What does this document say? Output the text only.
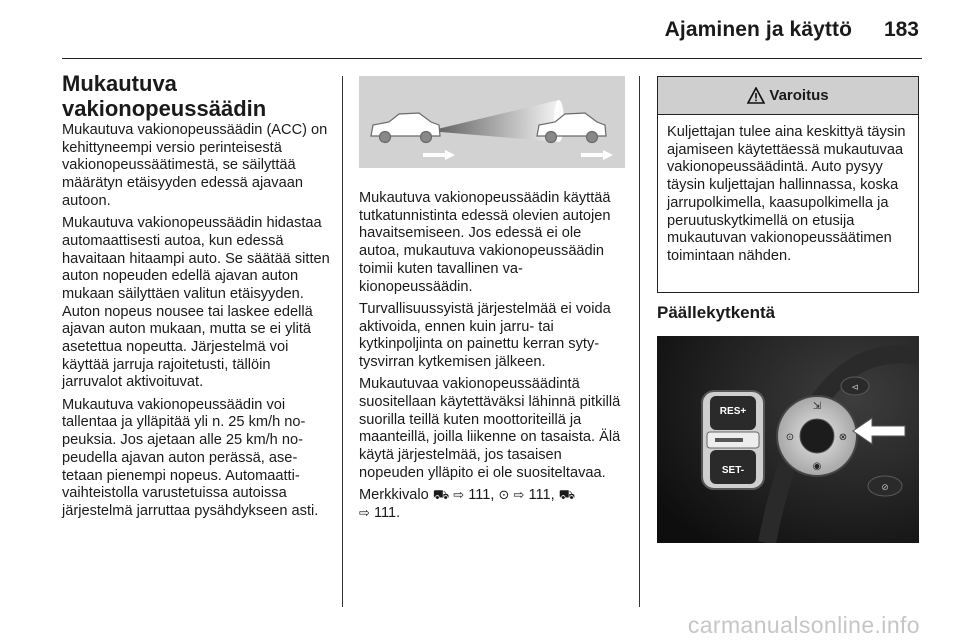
Ajaminen ja käyttö 183
Mukautuva
vakionopeussäädin

Mukautuva vakionopeussäädin (ACC) on kehittyneempi versio perinteisestä vakionopeussäätimestä, se säilyttää määrätyn etäisyyden edessä ajavaan autoon.

Mukautuva vakionopeussäädin hidastaa automaattisesti autoa, kun edessä havaitaan hitaampi auto. Se säätää sitten auton nopeuden edellä ajavan auton mukaan säilyttäen valitun etäisyyden. Auton nopeus nousee tai laskee edellä ajavan auton mukaan, mutta se ei ylitä asetettua nopeutta. Järjestelmä voi käyttää jarruja rajoitetusti, tällöin jarruvalot aktivoituvat.

Mukautuva vakionopeussäädin voi tallentaa ja ylläpitää yli n. 25 km/h nopeuksia. Jos ajetaan alle 25 km/h nopeudella ajavan auton perässä, asetetaan pienempi nopeus. Automaattivaihteistolla varustetuissa autoissa järjestelmä jarruttaa pysähdykseen asti.

Mukautuva vakionopeussäädin käyttää tutkatunnistinta edessä olevien autojen havaitsemiseen. Jos edessä ei ole autoa, mukautuva vakionopeussäädin toimii kuten tavallinen vakionopeussäädin.

Turvallisuussyistä järjestelmää ei voida aktivoida, ennen kuin jarru- tai kytkinpoljinta on painettu kerran sytytysvirran kytkemisen jälkeen.

Mukautuvaa vakionopeussäädintä suositellaan käytettäväksi lähinnä pitkillä suorilla teillä kuten moottoriteillä ja maanteillä, joilla liikenne on tasaista. Älä käytä järjestelmää, jos tasaisen nopeuden ylläpito ei ole suositeltavaa.

Merkkivalo ⛟ ⇨ 111, ⊙ ⇨ 111, ⛟
⇨ 111.

Varoitus
Kuljettajan tulee aina keskittyä täysin ajamiseen käytettäessä mukautuvaa vakionopeussäädintä. Auto pysyy täysin kuljettajan hallinnassa, koska jarrupolkimella, kaasupolkimella ja peruutuskytkimellä on etusija mukautuvan vakionopeussäätimen toimintaan nähden.
Päällekytkentä
RES+
SET-
⇲
⊙	⊗
◉
⊲
⊘
carmanualsonline.info
